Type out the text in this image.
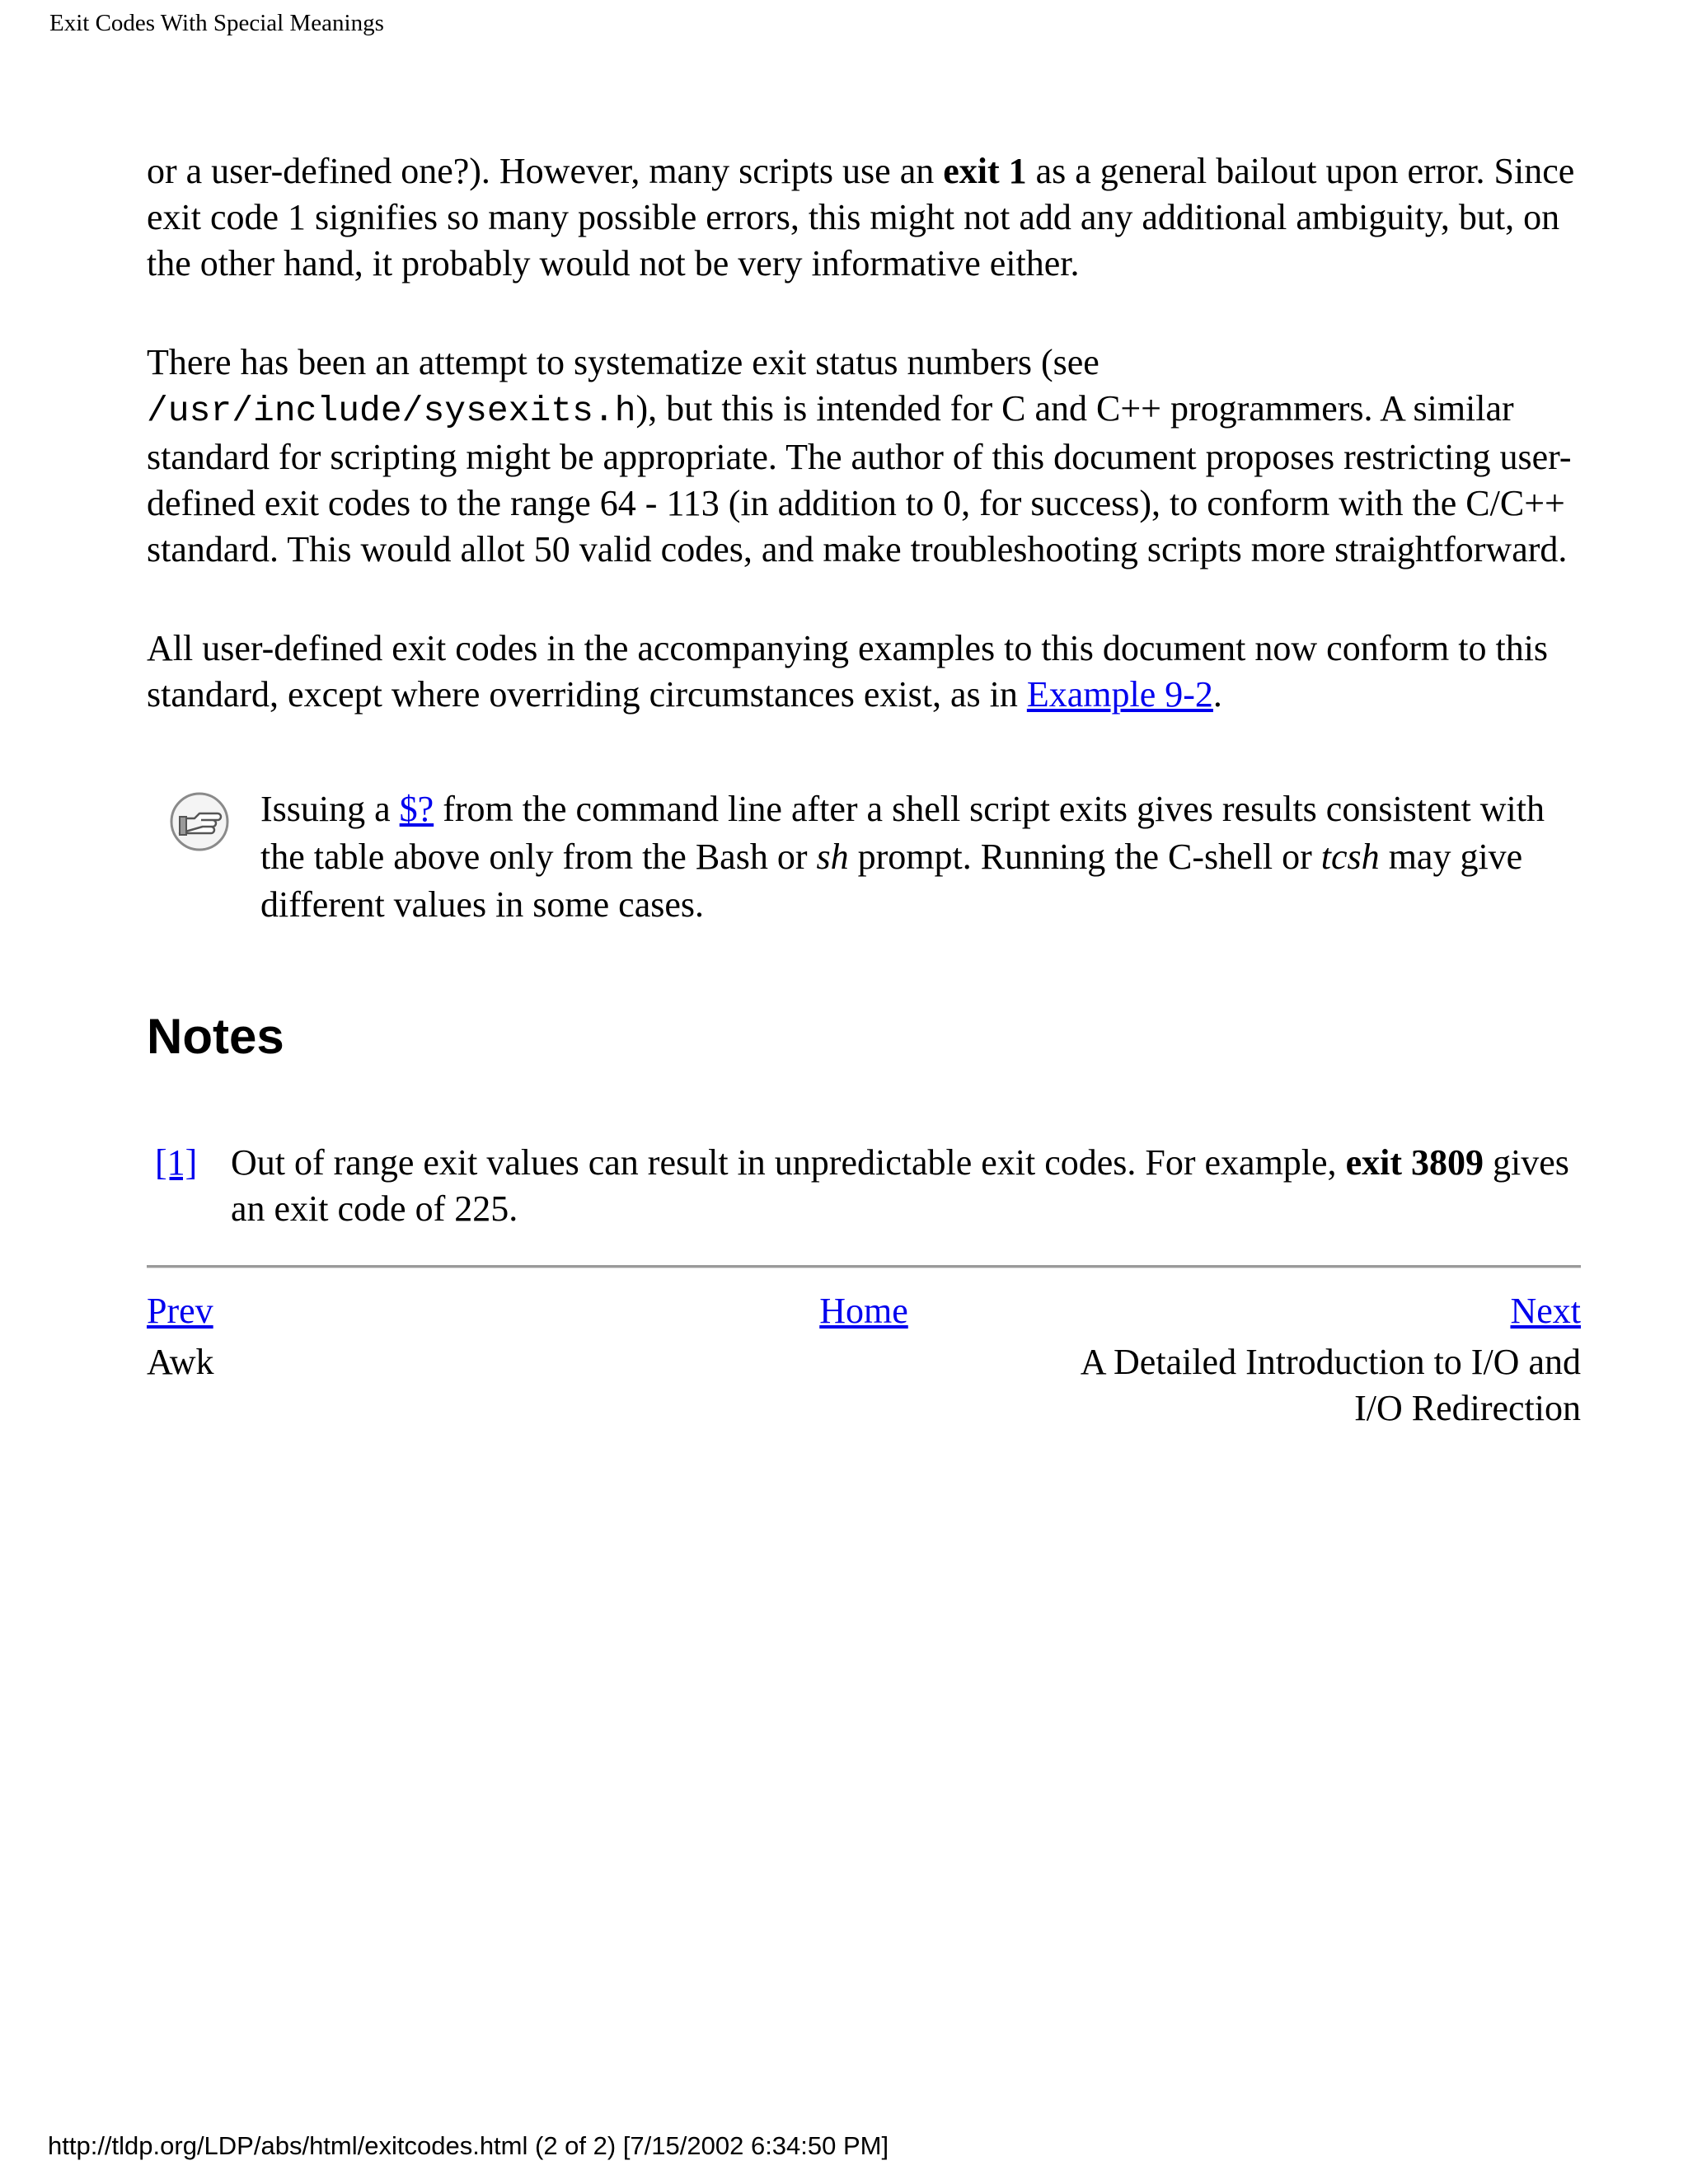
Exit Codes With Special Meanings

or a user-defined one?). However, many scripts use an exit 1 as a general bailout upon error. Since exit code 1 signifies so many possible errors, this might not add any additional ambiguity, but, on the other hand, it probably would not be very informative either.

There has been an attempt to systematize exit status numbers (see /usr/include/sysexits.h), but this is intended for C and C++ programmers. A similar standard for scripting might be appropriate. The author of this document proposes restricting user-defined exit codes to the range 64 - 113 (in addition to 0, for success), to conform with the C/C++ standard. This would allot 50 valid codes, and make troubleshooting scripts more straightforward.

All user-defined exit codes in the accompanying examples to this document now conform to this standard, except where overriding circumstances exist, as in Example 9-2.

Issuing a $? from the command line after a shell script exits gives results consistent with the table above only from the Bash or sh prompt. Running the C-shell or tcsh may give different values in some cases.
Notes
[1] Out of range exit values can result in unpredictable exit codes. For example, exit 3809 gives an exit code of 225.
Prev	Home	Next
Awk	A Detailed Introduction to I/O and I/O Redirection
http://tldp.org/LDP/abs/html/exitcodes.html (2 of 2) [7/15/2002 6:34:50 PM]
